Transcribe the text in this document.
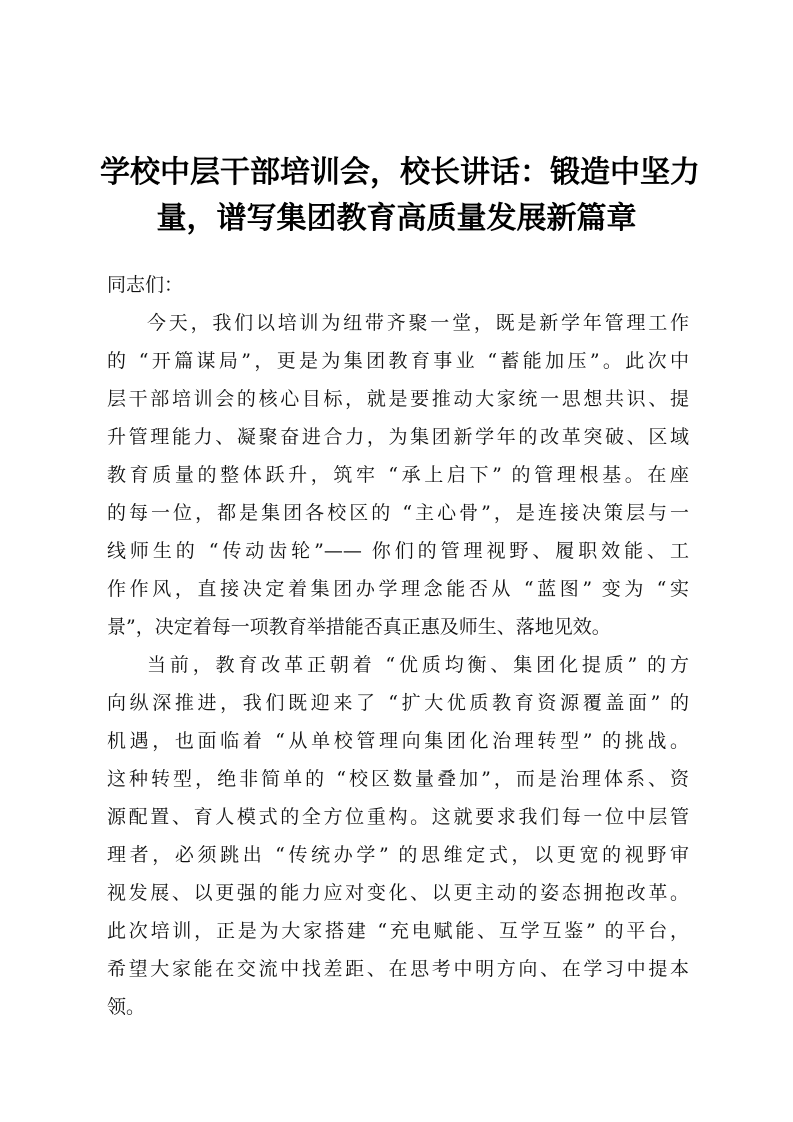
学校中层干部培训会，校长讲话：锻造中坚力
量，谱写集团教育高质量发展新篇章
同志们：
今天，我们以培训为纽带齐聚一堂，既是新学年管理工作
的 “开篇谋局”，更是为集团教育事业 “蓄能加压”。此次中
层干部培训会的核心目标，就是要推动大家统一思想共识、提
升管理能力、凝聚奋进合力，为集团新学年的改革突破、区域
教育质量的整体跃升，筑牢 “承上启下” 的管理根基。在座
的每一位，都是集团各校区的 “主心骨”，是连接决策层与一
线师生的 “传动齿轮”—— 你们的管理视野、履职效能、工
作作风，直接决定着集团办学理念能否从 “蓝图” 变为 “实
景”，决定着每一项教育举措能否真正惠及师生、落地见效。
当前，教育改革正朝着 “优质均衡、集团化提质” 的方
向纵深推进，我们既迎来了 “扩大优质教育资源覆盖面” 的
机遇，也面临着 “从单校管理向集团化治理转型” 的挑战。
这种转型，绝非简单的 “校区数量叠加”，而是治理体系、资
源配置、育人模式的全方位重构。这就要求我们每一位中层管
理者，必须跳出 “传统办学” 的思维定式，以更宽的视野审
视发展、以更强的能力应对变化、以更主动的姿态拥抱改革。
此次培训，正是为大家搭建 “充电赋能、互学互鉴” 的平台，
希望大家能在交流中找差距、在思考中明方向、在学习中提本
领。
